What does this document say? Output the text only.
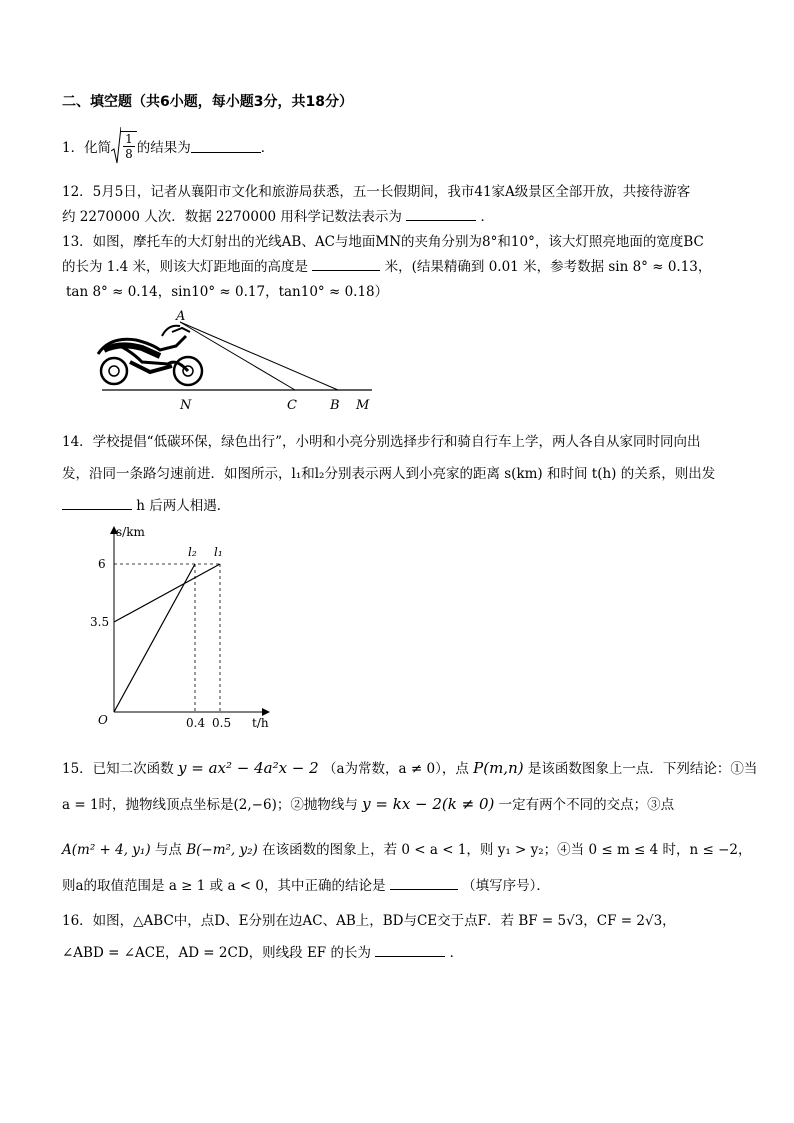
二、填空题（共6小题，每小题3分，共18分）
1．化简 $\frac{1}{8}$ 的结果为	．
12．5月5日，记者从襄阳市文化和旅游局获悉，五一长假期间，我市41家A级景区全部开放，共接待游客
约 2270000 人次．数据 2270000 用科学记数法表示为	．
13．如图，摩托车的大灯射出的光线AB、AC与地面MN的夹角分别为8°和10°，该大灯照亮地面的宽度BC
的长为 1.4 米，则该大灯距地面的高度是	米，(结果精确到 0.01 米，参考数据 sin 8° ≈ 0.13，
tan 8° ≈ 0.14，sin10° ≈ 0.17，tan10° ≈ 0.18）
A
N	C	B M
14．学校提倡“低碳环保，绿色出行”，小明和小亮分别选择步行和骑自行车上学，两人各自从家同时同向出
发，沿同一条路匀速前进．如图所示，l₁和l₂分别表示两人到小亮家的距离 s(km) 和时间 t(h) 的关系，则出发
h 后两人相遇．
s/km
t/h
O
6
3.5
0.4 0.5
l₂ l₁
15．已知二次函数 y = ax² − 4a²x − 2 （a为常数，a ≠ 0），点 P(m,n) 是该函数图象上一点．下列结论：①当
a = 1时，抛物线顶点坐标是(2,−6)；②抛物线与 y = kx − 2(k ≠ 0) 一定有两个不同的交点；③点
A(m² + 4, y₁) 与点 B(−m², y₂) 在该函数的图象上，若 0 < a < 1，则 y₁ > y₂；④当 0 ≤ m ≤ 4 时，n ≤ −2，
则a的取值范围是 a ≥ 1 或 a < 0，其中正确的结论是	（填写序号）．
16．如图，△ABC中，点D、E分别在边AC、AB上，BD与CE交于点F．若 BF = 5√3，CF = 2√3，
∠ABD = ∠ACE，AD = 2CD，则线段 EF 的长为	．
